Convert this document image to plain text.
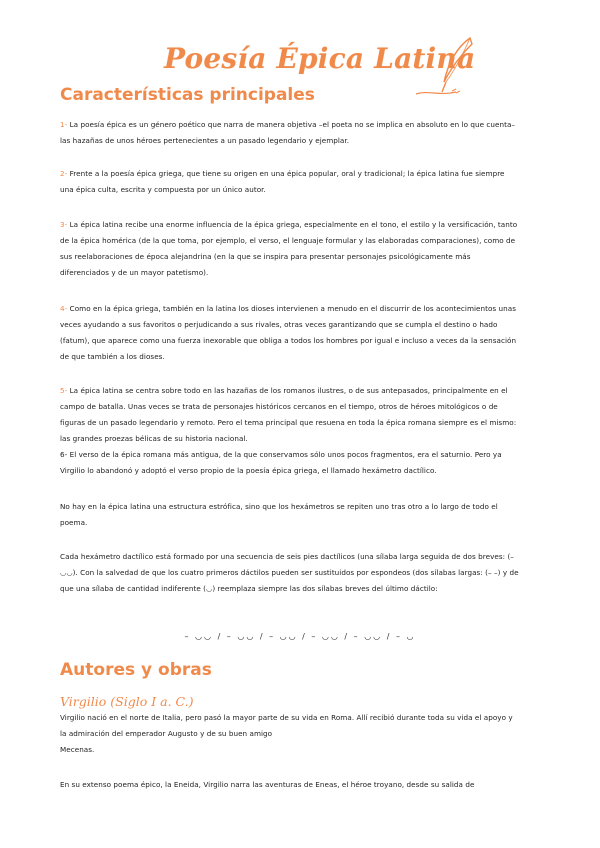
Poesía Épica Latina
Características principales
1- La poesía épica es un género poético que narra de manera objetiva –el poeta no se implica en absoluto en lo que cuenta– las hazañas de unos héroes pertenecientes a un pasado legendario y ejemplar.
2- Frente a la poesía épica griega, que tiene su origen en una épica popular, oral y tradicional; la épica latina fue siempre una épica culta, escrita y compuesta por un único autor.
3- La épica latina recibe una enorme influencia de la épica griega, especialmente en el tono, el estilo y la versificación, tanto de la épica homérica (de la que toma, por ejemplo, el verso, el lenguaje formular y las elaboradas comparaciones), como de sus reelaboraciones de época alejandrina (en la que se inspira para presentar personajes psicológicamente más diferenciados y de un mayor patetismo).
4- Como en la épica griega, también en la latina los dioses intervienen a menudo en el discurrir de los acontecimientos unas veces ayudando a sus favoritos o perjudicando a sus rivales, otras veces garantizando que se cumpla el destino o hado (fatum), que aparece como una fuerza inexorable que obliga a todos los hombres por igual e incluso a veces da la sensación de que también a los dioses.
5- La épica latina se centra sobre todo en las hazañas de los romanos ilustres, o de sus antepasados, principalmente en el campo de batalla. Unas veces se trata de personajes históricos cercanos en el tiempo, otros de héroes mitológicos o de figuras de un pasado legendario y remoto. Pero el tema principal que resuena en toda la épica romana siempre es el mismo: las grandes proezas bélicas de su historia nacional.
6- El verso de la épica romana más antigua, de la que conservamos sólo unos pocos fragmentos, era el saturnio. Pero ya Virgilio lo abandonó y adoptó el verso propio de la poesía épica griega, el llamado hexámetro dactílico.
No hay en la épica latina una estructura estrófica, sino que los hexámetros se repiten uno tras otro a lo largo de todo el poema.
Cada hexámetro dactílico está formado por una secuencia de seis pies dactílicos (una sílaba larga seguida de dos breves: (– ◡◡). Con la salvedad de que los cuatro primeros dáctilos pueden ser sustituidos por espondeos (dos sílabas largas: (– –) y de que una sílaba de cantidad indiferente (◡) reemplaza siempre las dos sílabas breves del último dáctilo:
– ◡◡ / – ◡◡ / – ◡◡ / – ◡◡ / – ◡◡ / – ◡
Autores y obras
Virgilio (Siglo I a. C.)
Virgilio nació en el norte de Italia, pero pasó la mayor parte de su vida en Roma. Allí recibió durante toda su vida el apoyo y la admiración del emperador Augusto y de su buen amigo
Mecenas.
En su extenso poema épico, la Eneida, Virgilio narra las aventuras de Eneas, el héroe troyano, desde su salida de
